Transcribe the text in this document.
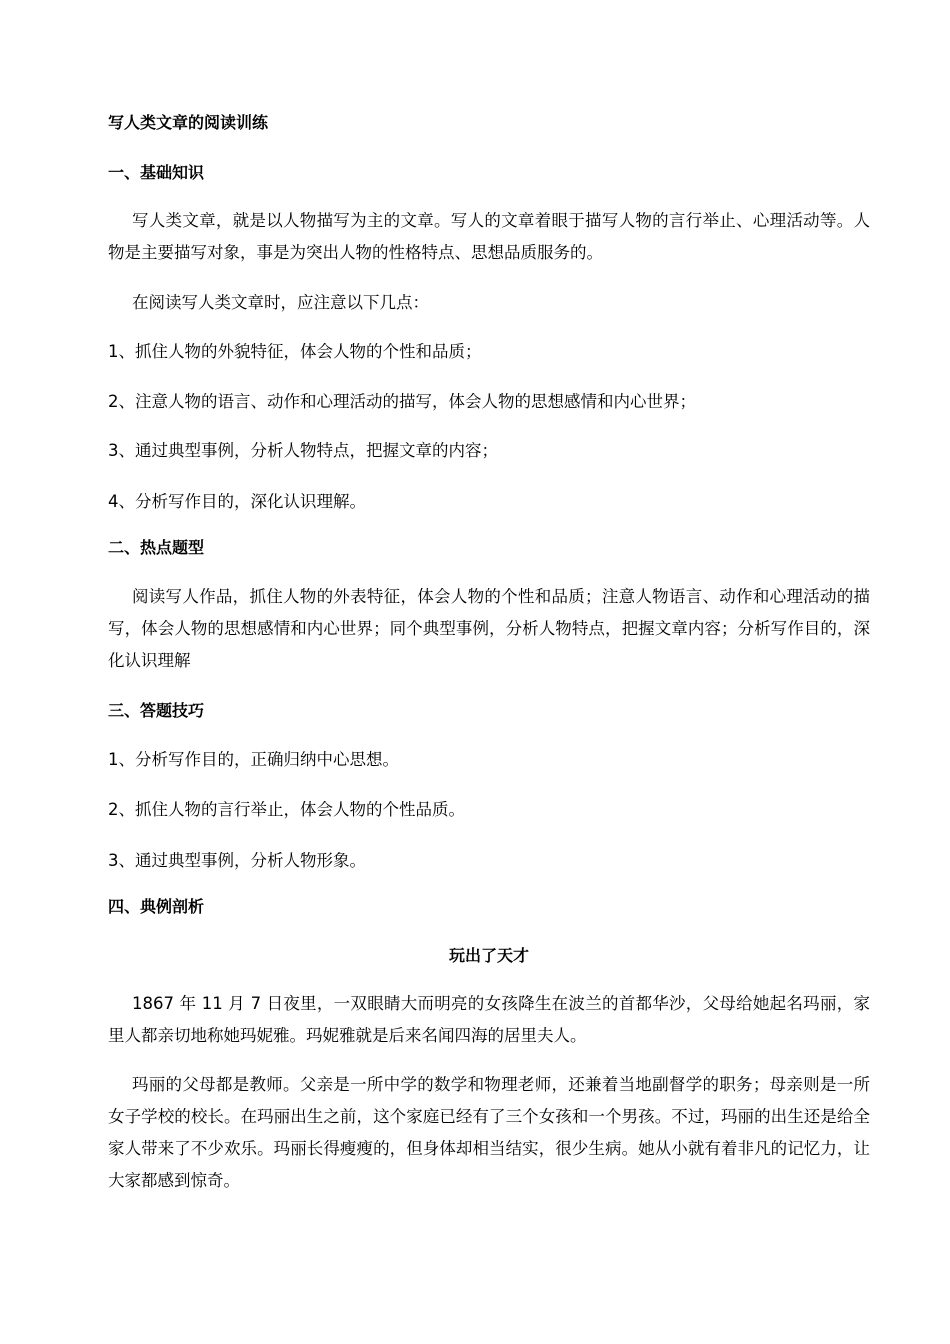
写人类文章的阅读训练
一、基础知识
写人类文章，就是以人物描写为主的文章。写人的文章着眼于描写人物的言行举止、心理活动等。人物是主要描写对象，事是为突出人物的性格特点、思想品质服务的。
在阅读写人类文章时，应注意以下几点：
1、抓住人物的外貌特征，体会人物的个性和品质；
2、注意人物的语言、动作和心理活动的描写，体会人物的思想感情和内心世界；
3、通过典型事例，分析人物特点，把握文章的内容；
4、分析写作目的，深化认识理解。
二、热点题型
阅读写人作品，抓住人物的外表特征，体会人物的个性和品质；注意人物语言、动作和心理活动的描写，体会人物的思想感情和内心世界；同个典型事例，分析人物特点，把握文章内容；分析写作目的，深化认识理解
三、答题技巧
1、分析写作目的，正确归纳中心思想。
2、抓住人物的言行举止，体会人物的个性品质。
3、通过典型事例，分析人物形象。
四、典例剖析
玩出了天才
1867 年 11 月 7 日夜里，一双眼睛大而明亮的女孩降生在波兰的首都华沙，父母给她起名玛丽，家里人都亲切地称她玛妮雅。玛妮雅就是后来名闻四海的居里夫人。
玛丽的父母都是教师。父亲是一所中学的数学和物理老师，还兼着当地副督学的职务；母亲则是一所女子学校的校长。在玛丽出生之前，这个家庭已经有了三个女孩和一个男孩。不过，玛丽的出生还是给全家人带来了不少欢乐。玛丽长得瘦瘦的，但身体却相当结实，很少生病。她从小就有着非凡的记忆力，让大家都感到惊奇。
